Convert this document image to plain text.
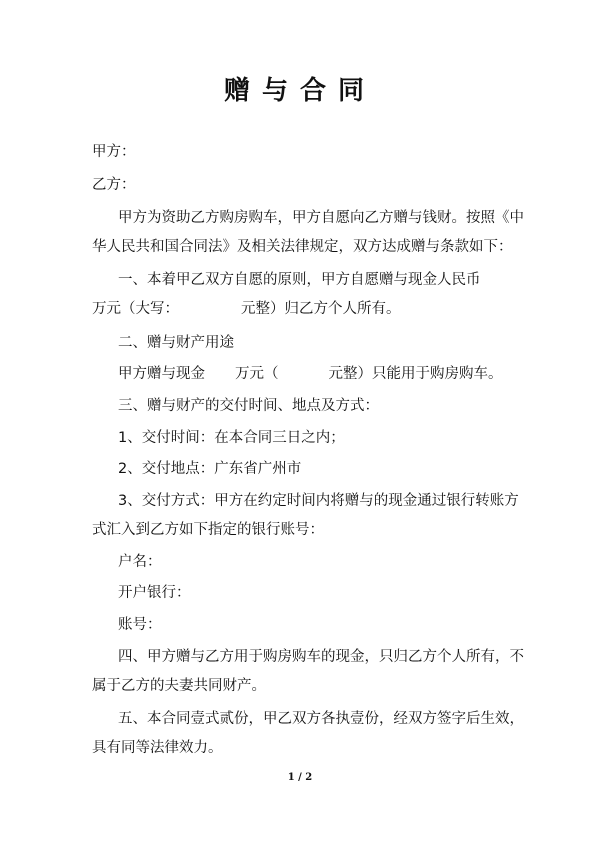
赠与合同
甲方：
乙方：
甲方为资助乙方购房购车，甲方自愿向乙方赠与钱财。按照《中
华人民共和国合同法》及相关法律规定，双方达成赠与条款如下：
一、本着甲乙双方自愿的原则，甲方自愿赠与现金人民币
万元（大写：	元整）归乙方个人所有。
二、赠与财产用途
甲方赠与现金 万元（	元整）只能用于购房购车。
三、赠与财产的交付时间、地点及方式：
1、交付时间：在本合同三日之内；
2、交付地点：广东省广州市
3、交付方式：甲方在约定时间内将赠与的现金通过银行转账方
式汇入到乙方如下指定的银行账号：
户名：
开户银行：
账号：
四、甲方赠与乙方用于购房购车的现金，只归乙方个人所有，不
属于乙方的夫妻共同财产。
五、本合同壹式贰份，甲乙双方各执壹份，经双方签字后生效，
具有同等法律效力。
1 / 2
